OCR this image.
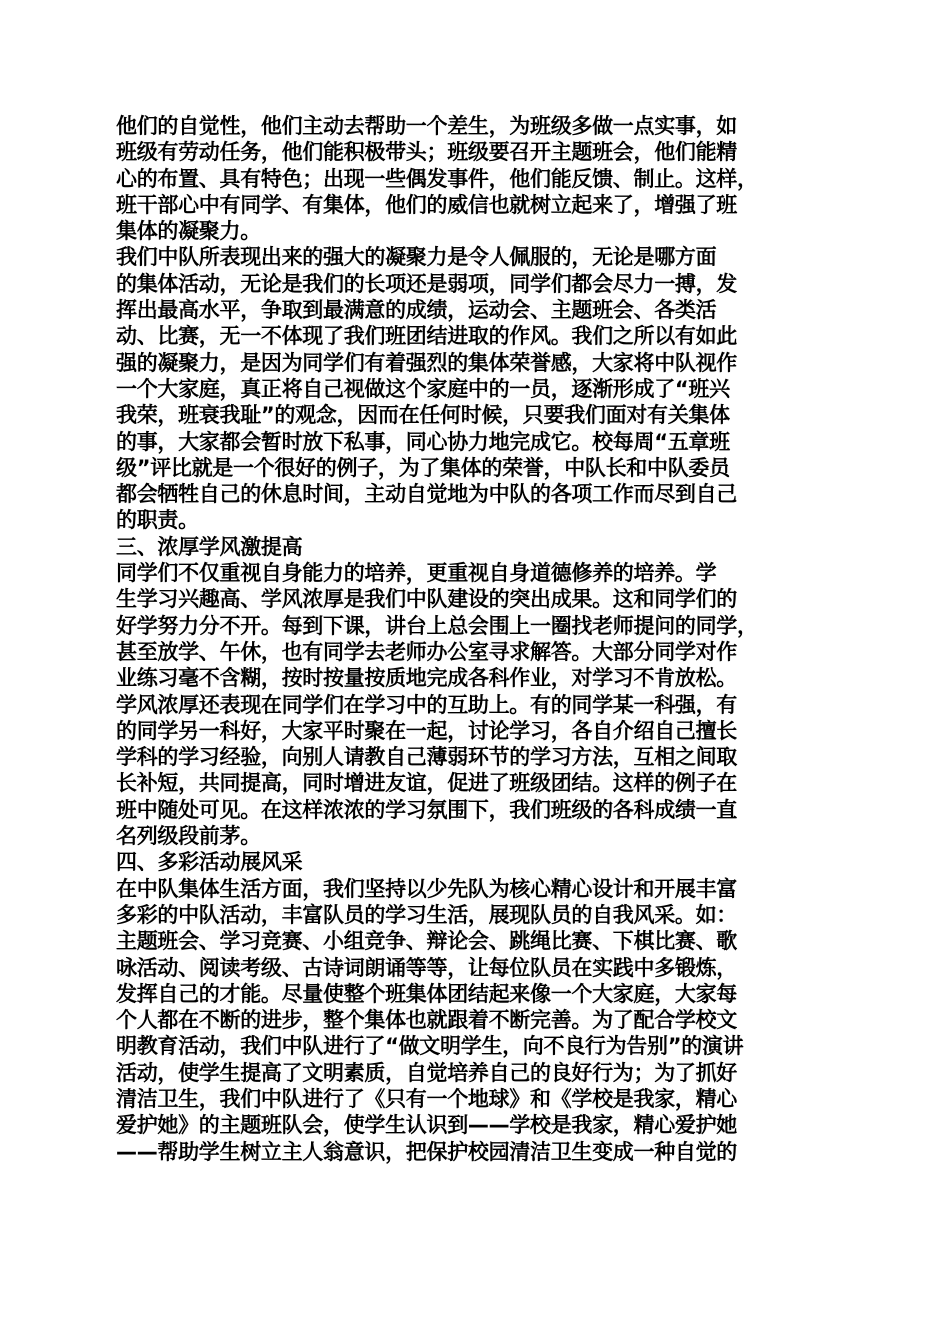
他们的自觉性，他们主动去帮助一个差生，为班级多做一点实事，如
班级有劳动任务，他们能积极带头；班级要召开主题班会，他们能精
心的布置、具有特色；出现一些偶发事件，他们能反馈、制止。这样，
班干部心中有同学、有集体，他们的威信也就树立起来了，增强了班
集体的凝聚力。
我们中队所表现出来的强大的凝聚力是令人佩服的，无论是哪方面
的集体活动，无论是我们的长项还是弱项，同学们都会尽力一搏，发
挥出最高水平，争取到最满意的成绩，运动会、主题班会、各类活
动、比赛，无一不体现了我们班团结进取的作风。我们之所以有如此
强的凝聚力，是因为同学们有着强烈的集体荣誉感，大家将中队视作
一个大家庭，真正将自己视做这个家庭中的一员，逐渐形成了“班兴
我荣，班衰我耻”的观念，因而在任何时候，只要我们面对有关集体
的事，大家都会暂时放下私事，同心协力地完成它。校每周“五章班
级”评比就是一个很好的例子，为了集体的荣誉，中队长和中队委员
都会牺牲自己的休息时间，主动自觉地为中队的各项工作而尽到自己
的职责。
三、浓厚学风激提高
同学们不仅重视自身能力的培养，更重视自身道德修养的培养。学
生学习兴趣高、学风浓厚是我们中队建设的突出成果。这和同学们的
好学努力分不开。每到下课，讲台上总会围上一圈找老师提问的同学，
甚至放学、午休，也有同学去老师办公室寻求解答。大部分同学对作
业练习毫不含糊，按时按量按质地完成各科作业，对学习不肯放松。
学风浓厚还表现在同学们在学习中的互助上。有的同学某一科强，有
的同学另一科好，大家平时聚在一起，讨论学习，各自介绍自己擅长
学科的学习经验，向别人请教自己薄弱环节的学习方法，互相之间取
长补短，共同提高，同时增进友谊，促进了班级团结。这样的例子在
班中随处可见。在这样浓浓的学习氛围下，我们班级的各科成绩一直
名列级段前茅。
四、多彩活动展风采
在中队集体生活方面，我们坚持以少先队为核心精心设计和开展丰富
多彩的中队活动，丰富队员的学习生活，展现队员的自我风采。如：
主题班会、学习竞赛、小组竞争、辩论会、跳绳比赛、下棋比赛、歌
咏活动、阅读考级、古诗词朗诵等等，让每位队员在实践中多锻炼，
发挥自己的才能。尽量使整个班集体团结起来像一个大家庭，大家每
个人都在不断的进步，整个集体也就跟着不断完善。为了配合学校文
明教育活动，我们中队进行了“做文明学生，向不良行为告别”的演讲
活动，使学生提高了文明素质，自觉培养自己的良好行为；为了抓好
清洁卫生，我们中队进行了《只有一个地球》和《学校是我家，精心
爱护她》的主题班队会，使学生认识到——学校是我家，精心爱护她
——帮助学生树立主人翁意识，把保护校园清洁卫生变成一种自觉的
